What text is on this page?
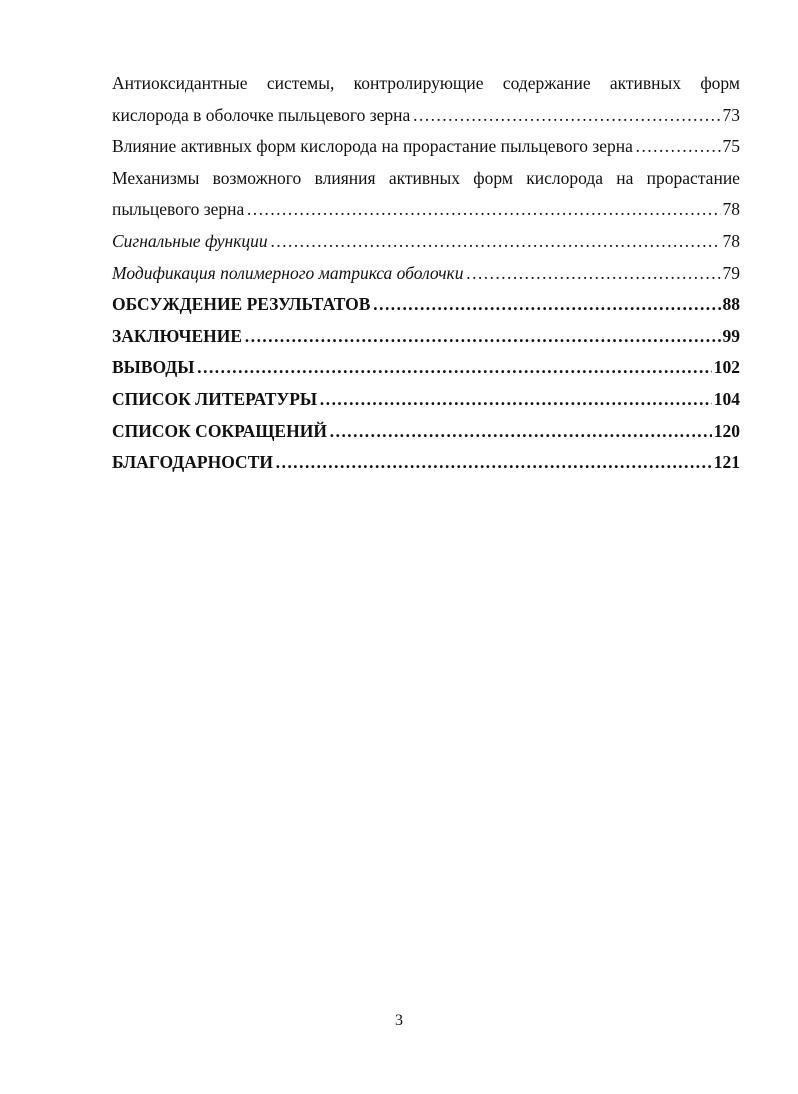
Антиоксидантные системы, контролирующие содержание активных форм
кислорода в оболочке пыльцевого зерна ……………………………………………………………………………………………………………………………………………………	73
Влияние активных форм кислорода на прорастание пыльцевого зерна ……………………………………………………………………………………………………………………………………………………	75
Механизмы возможного влияния активных форм кислорода на прорастание
пыльцевого зерна ……………………………………………………………………………………………………………………………………………………	78
Сигнальные функции ……………………………………………………………………………………………………………………………………………………	78
Модификация полимерного матрикса оболочки ……………………………………………………………………………………………………………………………………………………	79
ОБСУЖДЕНИЕ РЕЗУЛЬТАТОВ ……………………………………………………………………………………………………………………………………………………	88
ЗАКЛЮЧЕНИЕ ……………………………………………………………………………………………………………………………………………………	99
ВЫВОДЫ ……………………………………………………………………………………………………………………………………………………	102
СПИСОК ЛИТЕРАТУРЫ ……………………………………………………………………………………………………………………………………………………	104
СПИСОК СОКРАЩЕНИЙ ……………………………………………………………………………………………………………………………………………………	120
БЛАГОДАРНОСТИ ……………………………………………………………………………………………………………………………………………………	121
3
